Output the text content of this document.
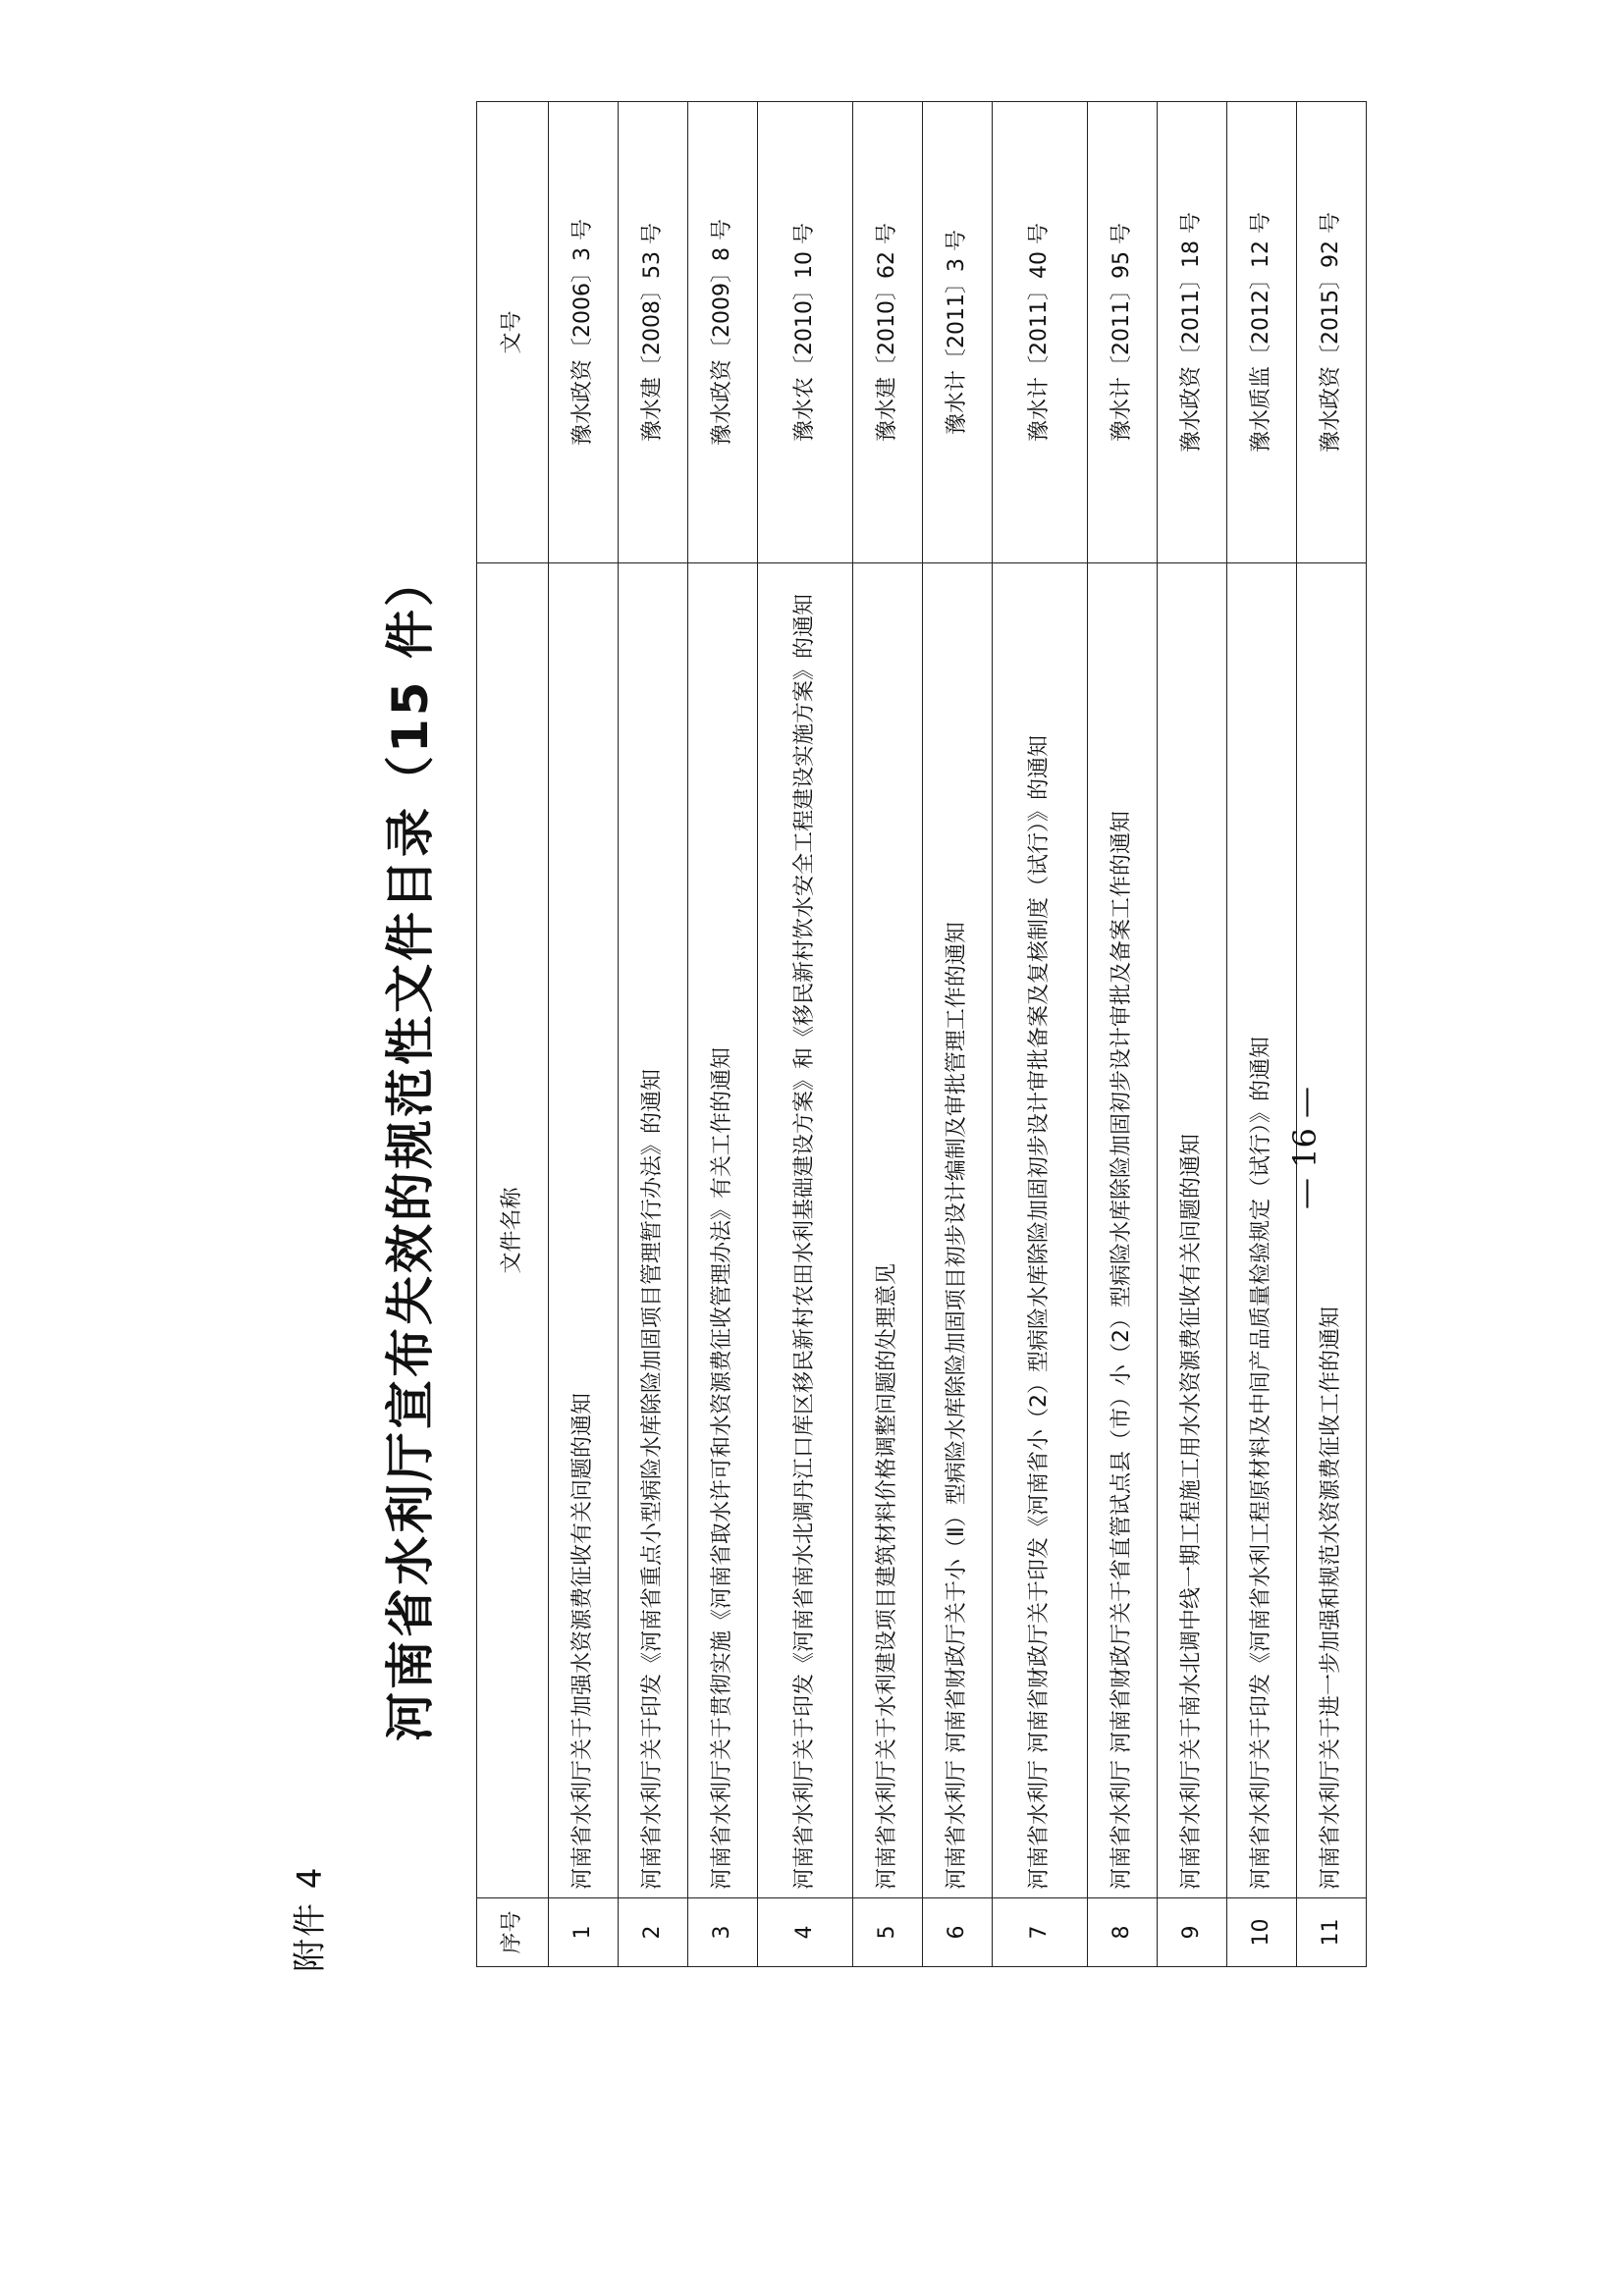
附件 4
河南省水利厅宣布失效的规范性文件目录（15 件）
序号	文件名称	文号
1	河南省水利厅关于加强水资源费征收有关问题的通知	豫水政资〔2006〕3 号
2	河南省水利厅关于印发《河南省重点小型病险水库除险加固项目管理暂行办法》的通知	豫水建〔2008〕53 号
3	河南省水利厅关于贯彻实施《河南省取水许可和水资源费征收管理办法》有关工作的通知	豫水政资〔2009〕8 号
4	河南省水利厅关于印发《河南省南水北调丹江口库区移民新村农田水利基础建设方案》和《移民新村饮水安全工程建设实施方案》的通知	豫水农〔2010〕10 号
5	河南省水利厅关于水利建设项目建筑材料价格调整问题的处理意见	豫水建〔2010〕62 号
6	河南省水利厅 河南省财政厅关于小（Ⅱ）型病险水库除险加固项目初步设计编制及审批管理工作的通知	豫水计〔2011〕3 号
7	河南省水利厅 河南省财政厅关于印发《河南省小（2）型病险水库除险加固初步设计审批备案及复核制度（试行）》的通知	豫水计〔2011〕40 号
8	河南省水利厅 河南省财政厅关于省直管试点县（市）小（2）型病险水库除险加固初步设计审批及备案工作的通知	豫水计〔2011〕95 号
9	河南省水利厅关于南水北调中线一期工程施工用水水资源费征收有关问题的通知	豫水政资〔2011〕18 号
10	河南省水利厅关于印发《河南省水利工程原材料及中间产品质量检验规定（试行）》的通知	豫水质监〔2012〕12 号
11	河南省水利厅关于进一步加强和规范水资源费征收工作的通知	豫水政资〔2015〕92 号
— 16 —
